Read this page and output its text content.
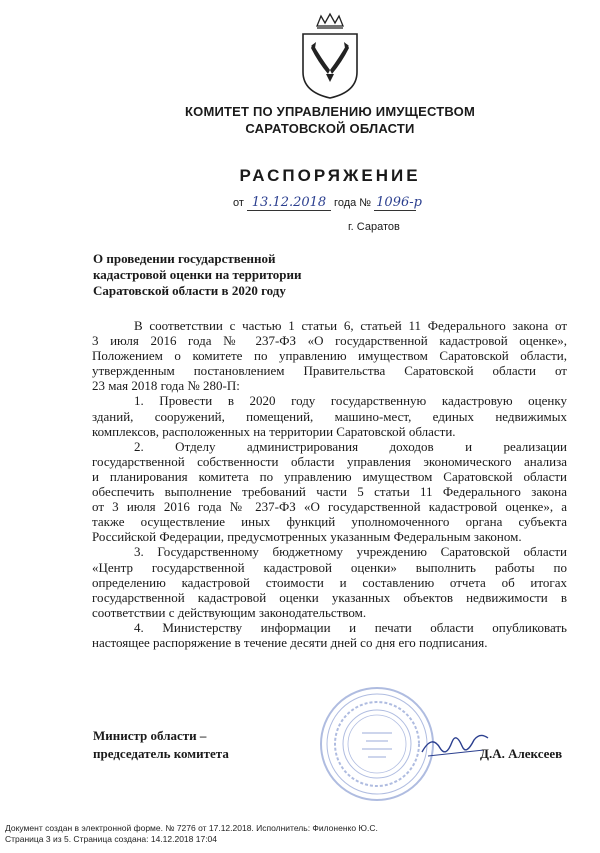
КОМИТЕТ ПО УПРАВЛЕНИЮ ИМУЩЕСТВОМ
САРАТОВСКОЙ ОБЛАСТИ
РАСПОРЯЖЕНИЕ
от 13.12.2018 года № 1096-р
г. Саратов
О проведении государственной
кадастровой оценки на территории
Саратовской области в 2020 году
В соответствии с частью 1 статьи 6, статьей 11 Федерального закона от
3 июля 2016 года № 237-ФЗ «О государственной кадастровой оценке»,
Положением о комитете по управлению имуществом Саратовской области,
утвержденным постановлением Правительства Саратовской области от
23 мая 2018 года № 280-П:
1. Провести в 2020 году государственную кадастровую оценку
зданий, сооружений, помещений, машино-мест, единых недвижимых
комплексов, расположенных на территории Саратовской области.
2. Отделу администрирования доходов и реализации
государственной собственности области управления экономического анализа
и планирования комитета по управлению имуществом Саратовской области
обеспечить выполнение требований части 5 статьи 11 Федерального закона
от 3 июля 2016 года № 237-ФЗ «О государственной кадастровой оценке», а
также осуществление иных функций уполномоченного органа субъекта
Российской Федерации, предусмотренных указанным Федеральным законом.
3. Государственному бюджетному учреждению Саратовской области
«Центр государственной кадастровой оценки» выполнить работы по
определению кадастровой стоимости и составлению отчета об итогах
государственной кадастровой оценки указанных объектов недвижимости в
соответствии с действующим законодательством.
4. Министерству информации и печати области опубликовать
настоящее распоряжение в течение десяти дней со дня его подписания.
Министр области –
председатель комитета	Д.А. Алексеев
Документ создан в электронной форме. № 7276 от 17.12.2018. Исполнитель: Филоненко Ю.С.
Страница 3 из 5. Страница создана: 14.12.2018 17:04
